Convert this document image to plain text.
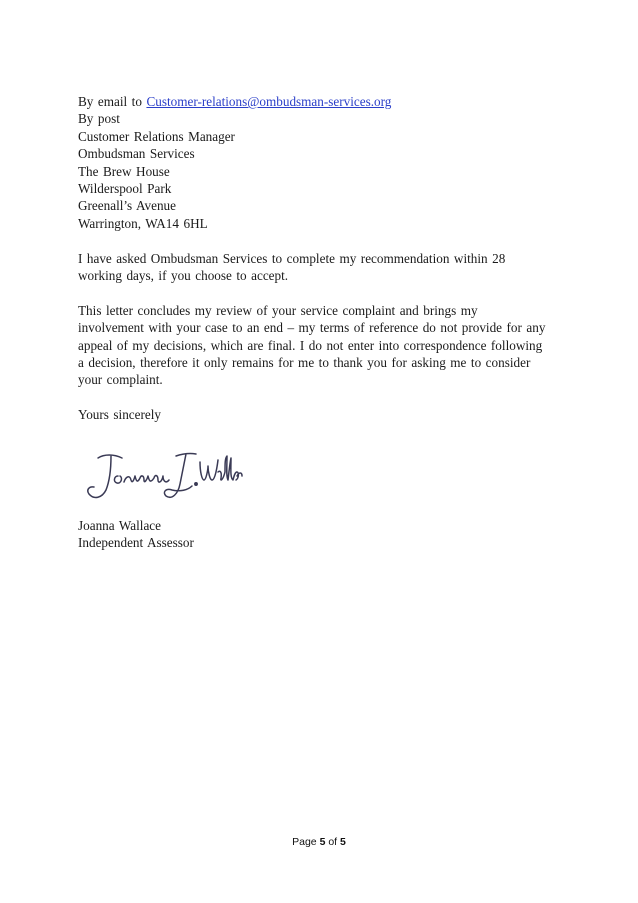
By email to Customer-relations@ombudsman-services.org
By post
Customer Relations Manager
Ombudsman Services
The Brew House
Wilderspool Park
Greenall’s Avenue
Warrington, WA14 6HL
I have asked Ombudsman Services to complete my recommendation within 28
working days, if you choose to accept.
This letter concludes my review of your service complaint and brings my
involvement with your case to an end – my terms of reference do not provide for any
appeal of my decisions, which are final. I do not enter into correspondence following
a decision, therefore it only remains for me to thank you for asking me to consider
your complaint.
Yours sincerely
Joanna Wallace
Independent Assessor
Page 5 of 5
